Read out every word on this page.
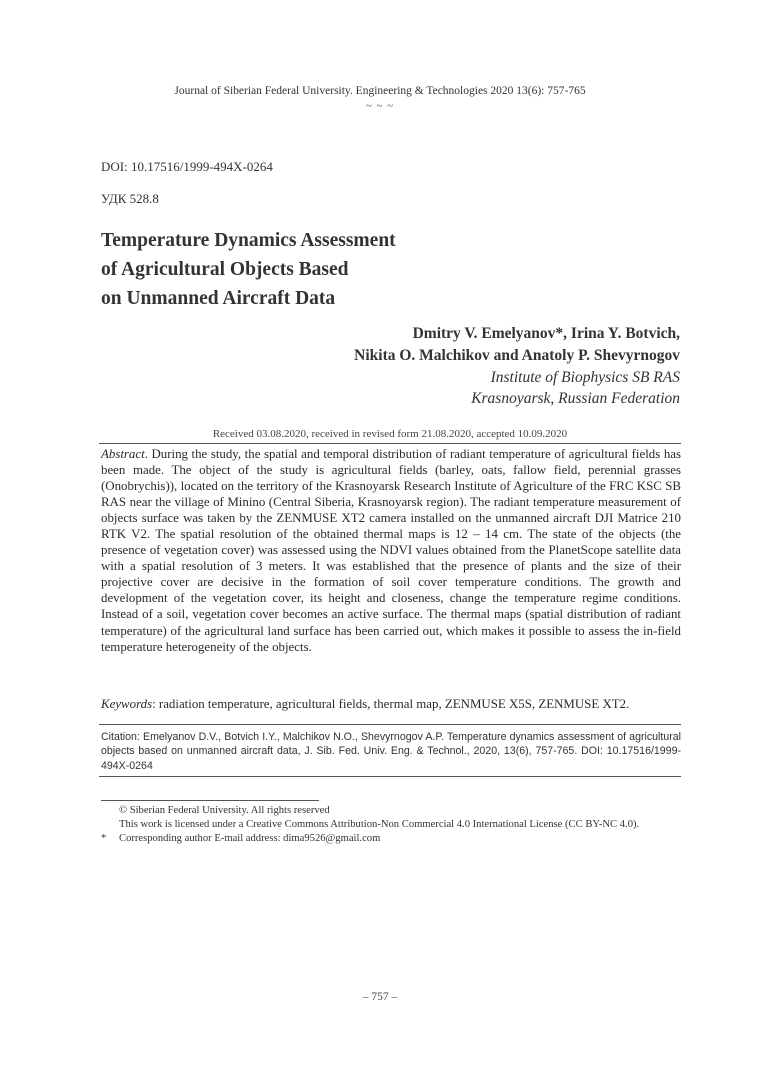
Journal of Siberian Federal University. Engineering & Technologies 2020 13(6): 757-765
~ ~ ~
DOI: 10.17516/1999-494X-0264
УДК 528.8
Temperature Dynamics Assessment
of Agricultural Objects Based
on Unmanned Aircraft Data
Dmitry V. Emelyanov*, Irina Y. Botvich,
Nikita O. Malchikov and Anatoly P. Shevyrnogov
Institute of Biophysics SB RAS
Krasnoyarsk, Russian Federation
Received 03.08.2020, received in revised form 21.08.2020, accepted 10.09.2020
Abstract. During the study, the spatial and temporal distribution of radiant temperature of agricultural fields has been made. The object of the study is agricultural fields (barley, oats, fallow field, perennial grasses (Onobrychis)), located on the territory of the Krasnoyarsk Research Institute of Agriculture of the FRC KSC SB RAS near the village of Minino (Central Siberia, Krasnoyarsk region). The radiant temperature measurement of objects surface was taken by the ZENMUSE XT2 camera installed on the unmanned aircraft DJI Matrice 210 RTK V2. The spatial resolution of the obtained thermal maps is 12 – 14 cm. The state of the objects (the presence of vegetation cover) was assessed using the NDVI values obtained from the PlanetScope satellite data with a spatial resolution of 3 meters. It was established that the presence of plants and the size of their projective cover are decisive in the formation of soil cover temperature conditions. The growth and development of the vegetation cover, its height and closeness, change the temperature regime conditions. Instead of a soil, vegetation cover becomes an active surface. The thermal maps (spatial distribution of radiant temperature) of the agricultural land surface has been carried out, which makes it possible to assess the in-field temperature heterogeneity of the objects.
Keywords: radiation temperature, agricultural fields, thermal map, ZENMUSE X5S, ZENMUSE XT2.
Citation: Emelyanov D.V., Botvich I.Y., Malchikov N.O., Shevyrnogov A.P. Temperature dynamics assessment of agricultural objects based on unmanned aircraft data, J. Sib. Fed. Univ. Eng. & Technol., 2020, 13(6), 757-765. DOI: 10.17516/1999-494X-0264
© Siberian Federal University. All rights reserved
This work is licensed under a Creative Commons Attribution-Non Commercial 4.0 International License (CC BY-NC 4.0).
* Corresponding author E-mail address: dima9526@gmail.com
– 757 –
